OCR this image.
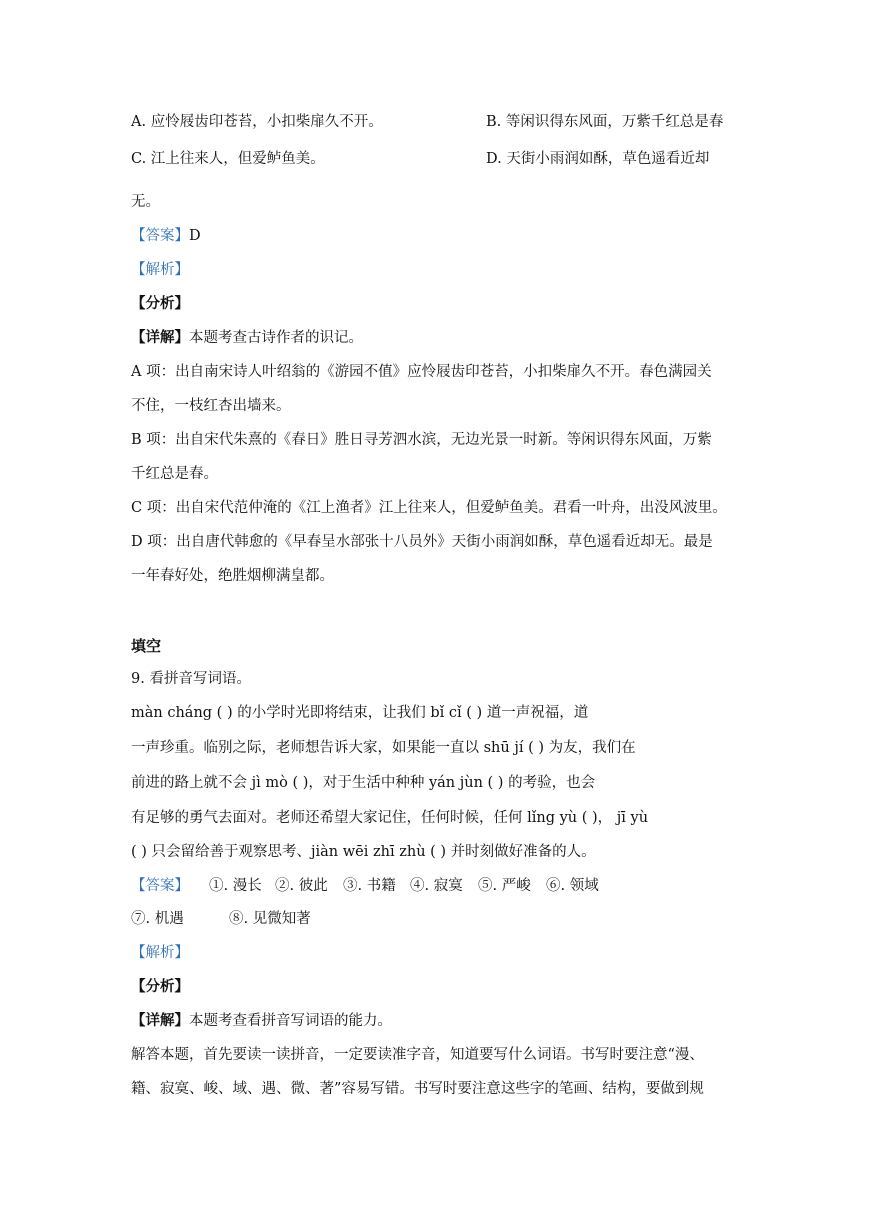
A. 应怜屐齿印苍苔，小扣柴扉久不开。	B. 等闲识得东风面，万紫千红总是春
C. 江上往来人，但爱鲈鱼美。	D. 天街小雨润如酥，草色遥看近却
无。
【答案】D
【解析】
【分析】
【详解】本题考查古诗作者的识记。
A 项：出自南宋诗人叶绍翁的《游园不值》应怜屐齿印苍苔，小扣柴扉久不开。春色满园关
不住，一枝红杏出墙来。
B 项：出自宋代朱熹的《春日》胜日寻芳泗水滨，无边光景一时新。等闲识得东风面，万紫
千红总是春。
C 项：出自宋代范仲淹的《江上渔者》江上往来人，但爱鲈鱼美。君看一叶舟，出没风波里。
D 项：出自唐代韩愈的《早春呈水部张十八员外》天街小雨润如酥，草色遥看近却无。最是
一年春好处，绝胜烟柳满皇都。
填空
9. 看拼音写词语。
màn cháng ( ) 的小学时光即将结束，让我们 bǐ cǐ ( ) 道一声祝福，道
一声珍重。临别之际，老师想告诉大家，如果能一直以 shū jí ( ) 为友，我们在
前进的路上就不会 jì mò ( )，对于生活中种种 yán jùn ( ) 的考验，也会
有足够的勇气去面对。老师还希望大家记住，任何时候，任何 lǐng yù ( )， jī yù
( ) 只会留给善于观察思考、jiàn wēi zhī zhù ( ) 并时刻做好准备的人。
【答案】 ①. 漫长 ②. 彼此 ③. 书籍 ④. 寂寞 ⑤. 严峻 ⑥. 领域
⑦. 机遇	⑧. 见微知著
【解析】
【分析】
【详解】本题考查看拼音写词语的能力。
解答本题，首先要读一读拼音，一定要读准字音，知道要写什么词语。书写时要注意“漫、
籍、寂寞、峻、域、遇、微、著”容易写错。书写时要注意这些字的笔画、结构，要做到规
